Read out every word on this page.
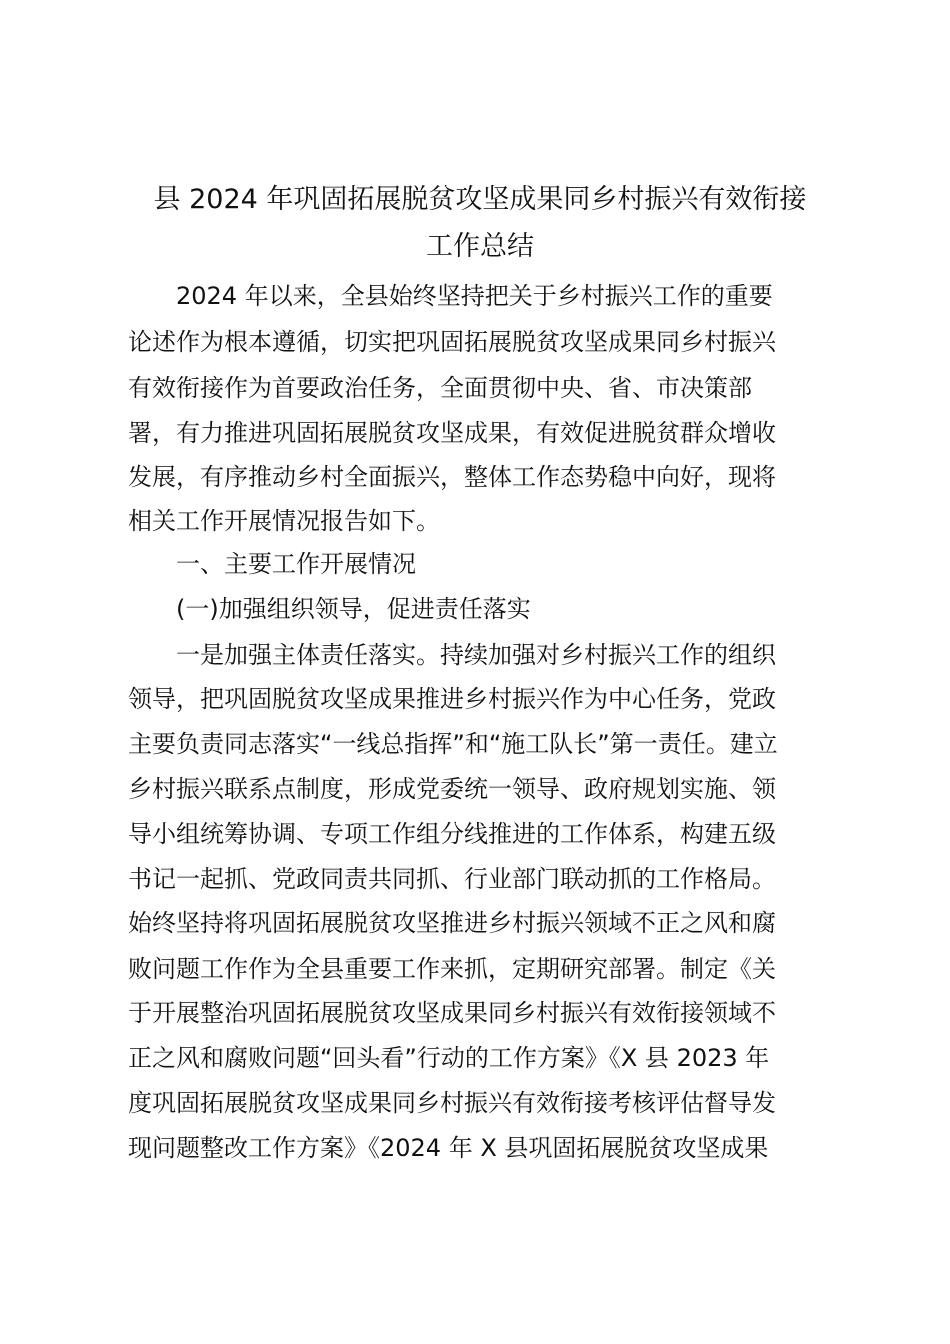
县 2024 年巩固拓展脱贫攻坚成果同乡村振兴有效衔接
工作总结

2024 年以来，全县始终坚持把关于乡村振兴工作的重要

论述作为根本遵循，切实把巩固拓展脱贫攻坚成果同乡村振兴

有效衔接作为首要政治任务，全面贯彻中央、省、市决策部

署，有力推进巩固拓展脱贫攻坚成果，有效促进脱贫群众增收

发展，有序推动乡村全面振兴，整体工作态势稳中向好，现将

相关工作开展情况报告如下。

一、主要工作开展情况

(一)加强组织领导，促进责任落实

一是加强主体责任落实。持续加强对乡村振兴工作的组织

领导，把巩固脱贫攻坚成果推进乡村振兴作为中心任务，党政

主要负责同志落实“一线总指挥”和“施工队长”第一责任。建立

乡村振兴联系点制度，形成党委统一领导、政府规划实施、领

导小组统筹协调、专项工作组分线推进的工作体系，构建五级

书记一起抓、党政同责共同抓、行业部门联动抓的工作格局。

始终坚持将巩固拓展脱贫攻坚推进乡村振兴领域不正之风和腐

败问题工作作为全县重要工作来抓，定期研究部署。制定《关

于开展整治巩固拓展脱贫攻坚成果同乡村振兴有效衔接领域不

正之风和腐败问题“回头看”行动的工作方案》《X 县 2023 年

度巩固拓展脱贫攻坚成果同乡村振兴有效衔接考核评估督导发

现问题整改工作方案》《2024 年 X 县巩固拓展脱贫攻坚成果
